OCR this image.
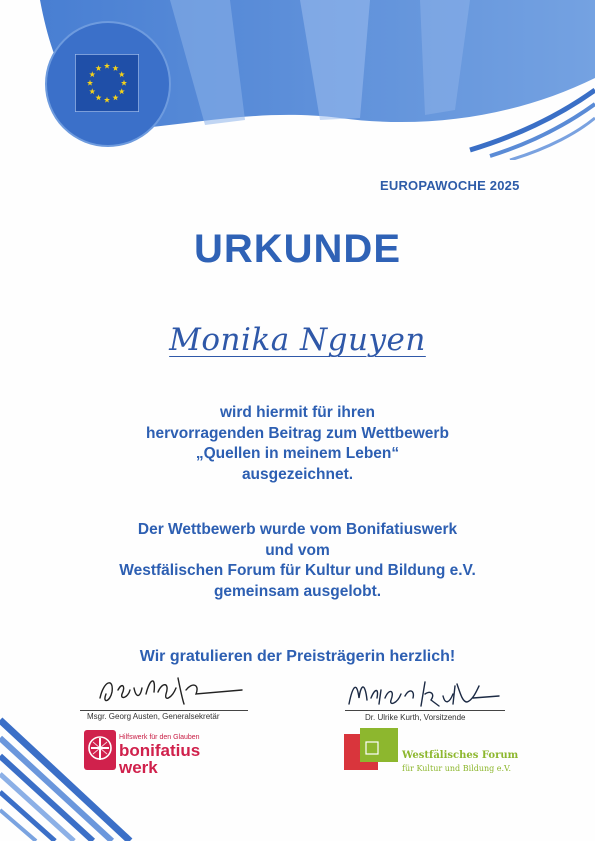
EUROPAWOCHE 2025
URKUNDE
Monika Nguyen
wird hiermit für ihren
hervorragenden Beitrag zum Wettbewerb
„Quellen in meinem Leben“
ausgezeichnet.
Der Wettbewerb wurde vom Bonifatiuswerk
und vom
Westfälischen Forum für Kultur und Bildung e.V.
gemeinsam ausgelobt.
Wir gratulieren der Preisträgerin herzlich!
Msgr. Georg Austen, Generalsekretär	Dr. Ulrike Kurth, Vorsitzende
Hilfswerk für den Glauben
bonifatius
werk
Westfälisches Forum
für Kultur und Bildung e.V.
